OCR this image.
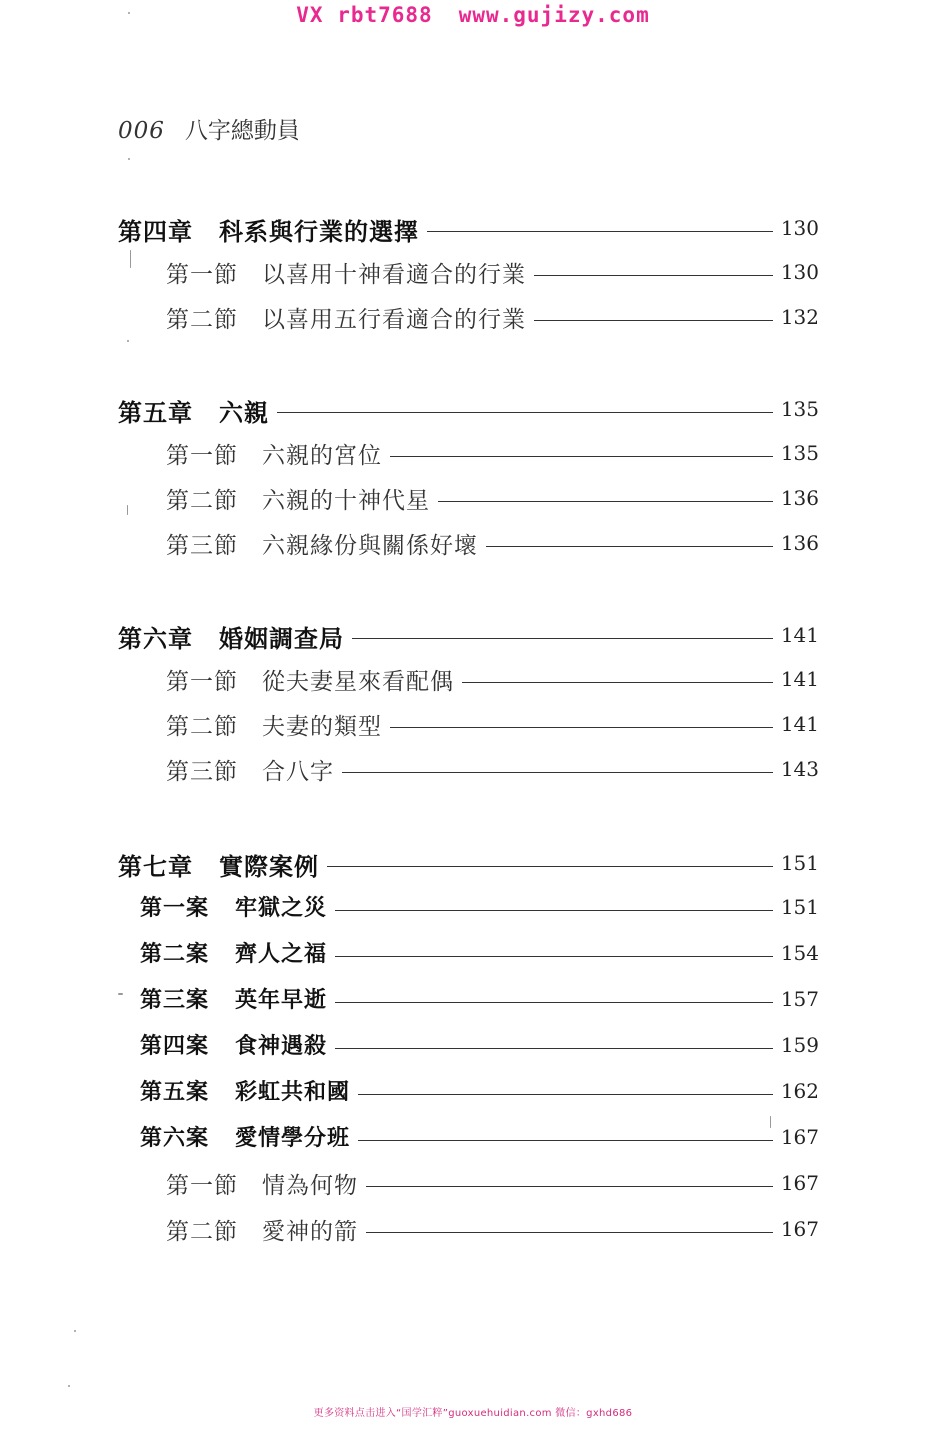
VX rbt7688 www.gujizy.com
006 八字總動員
第四章 科系與行業的選擇	130
第一節 以喜用十神看適合的行業	130
第二節 以喜用五行看適合的行業	132
第五章 六親	135
第一節 六親的宮位	135
第二節 六親的十神代星	136
第三節 六親緣份與關係好壞	136
第六章 婚姻調查局	141
第一節 從夫妻星來看配偶	141
第二節 夫妻的類型	141
第三節 合八字	143
第七章 實際案例	151
第一案 牢獄之災	151
第二案 齊人之福	154
第三案 英年早逝	157
第四案 食神遇殺	159
第五案 彩虹共和國	162
第六案 愛情學分班	167
第一節 情為何物	167
第二節 愛神的箭	167
更多资料点击进入“国学汇粹”guoxuehuidian.com 微信：gxhd686
